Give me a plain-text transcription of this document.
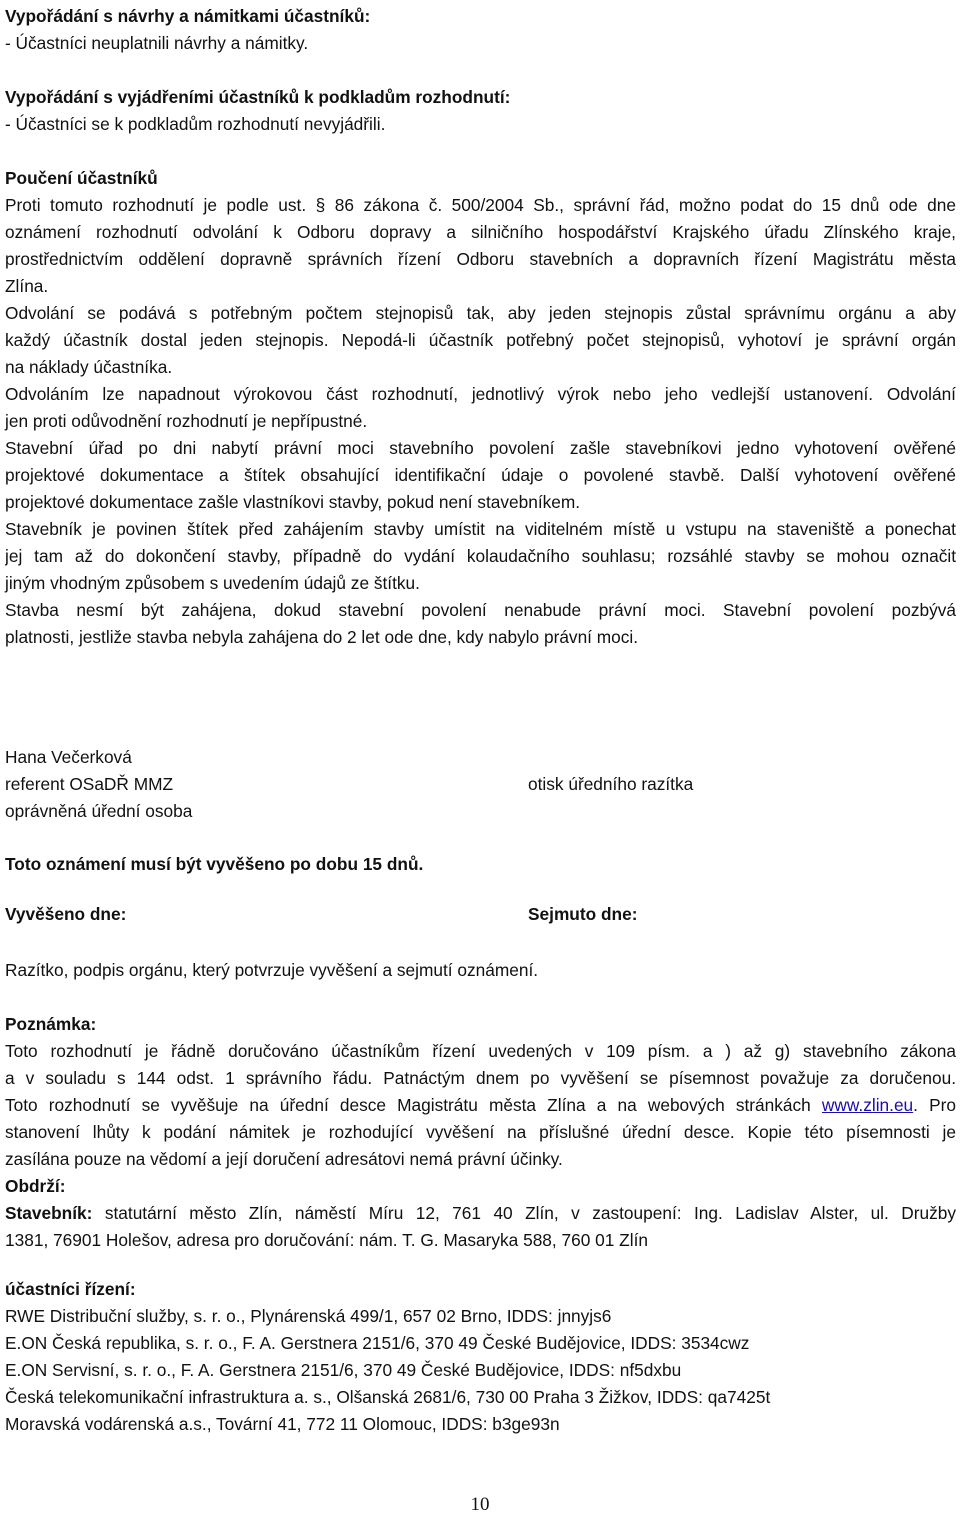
Vypořádání s návrhy a námitkami účastníků:
- Účastníci neuplatnili návrhy a námitky.
Vypořádání s vyjádřeními účastníků k podkladům rozhodnutí:
- Účastníci se k podkladům rozhodnutí nevyjádřili.
Poučení účastníků
Proti tomuto rozhodnutí je podle ust. § 86 zákona č. 500/2004 Sb., správní řád, možno podat do 15 dnů ode dne
oznámení rozhodnutí odvolání k Odboru dopravy a silničního hospodářství Krajského úřadu Zlínského kraje,
prostřednictvím oddělení dopravně správních řízení Odboru stavebních a dopravních řízení Magistrátu města
Zlína.
Odvolání se podává s potřebným počtem stejnopisů tak, aby jeden stejnopis zůstal správnímu orgánu a aby
každý účastník dostal jeden stejnopis. Nepodá-li účastník potřebný počet stejnopisů, vyhotoví je správní orgán
na náklady účastníka.
Odvoláním lze napadnout výrokovou část rozhodnutí, jednotlivý výrok nebo jeho vedlejší ustanovení. Odvolání
jen proti odůvodnění rozhodnutí je nepřípustné.
Stavební úřad po dni nabytí právní moci stavebního povolení zašle stavebníkovi jedno vyhotovení ověřené
projektové dokumentace a štítek obsahující identifikační údaje o povolené stavbě. Další vyhotovení ověřené
projektové dokumentace zašle vlastníkovi stavby, pokud není stavebníkem.
Stavebník je povinen štítek před zahájením stavby umístit na viditelném místě u vstupu na staveniště a ponechat
jej tam až do dokončení stavby, případně do vydání kolaudačního souhlasu; rozsáhlé stavby se mohou označit
jiným vhodným způsobem s uvedením údajů ze štítku.
Stavba nesmí být zahájena, dokud stavební povolení nenabude právní moci. Stavební povolení pozbývá
platnosti, jestliže stavba nebyla zahájena do 2 let ode dne, kdy nabylo právní moci.
Hana Večerková
referent OSaDŘ MMZ
oprávněná úřední osoba
otisk úředního razítka
Toto oznámení musí být vyvěšeno po dobu 15 dnů.
Vyvěšeno dne:	Sejmuto dne:
Razítko, podpis orgánu, který potvrzuje vyvěšení a sejmutí oznámení.
Poznámka:
Toto rozhodnutí je řádně doručováno účastníkům řízení uvedených v 109 písm. a ) až g) stavebního zákona
a v souladu s 144 odst. 1 správního řádu. Patnáctým dnem po vyvěšení se písemnost považuje za doručenou.
Toto rozhodnutí se vyvěšuje na úřední desce Magistrátu města Zlína a na webových stránkách www.zlin.eu. Pro
stanovení lhůty k podání námitek je rozhodující vyvěšení na příslušné úřední desce. Kopie této písemnosti je
zasílána pouze na vědomí a její doručení adresátovi nemá právní účinky.
Obdrží:
Stavebník: statutární město Zlín, náměstí Míru 12, 761 40 Zlín, v zastoupení: Ing. Ladislav Alster, ul. Družby
1381, 76901 Holešov, adresa pro doručování: nám. T. G. Masaryka 588, 760 01 Zlín
účastníci řízení:
RWE Distribuční služby, s. r. o., Plynárenská 499/1, 657 02 Brno, IDDS: jnnyjs6
E.ON Česká republika, s. r. o., F. A. Gerstnera 2151/6, 370 49 České Budějovice, IDDS: 3534cwz
E.ON Servisní, s. r. o., F. A. Gerstnera 2151/6, 370 49 České Budějovice, IDDS: nf5dxbu
Česká telekomunikační infrastruktura a. s., Olšanská 2681/6, 730 00 Praha 3 Žižkov, IDDS: qa7425t
Moravská vodárenská a.s., Tovární 41, 772 11 Olomouc, IDDS: b3ge93n
10
